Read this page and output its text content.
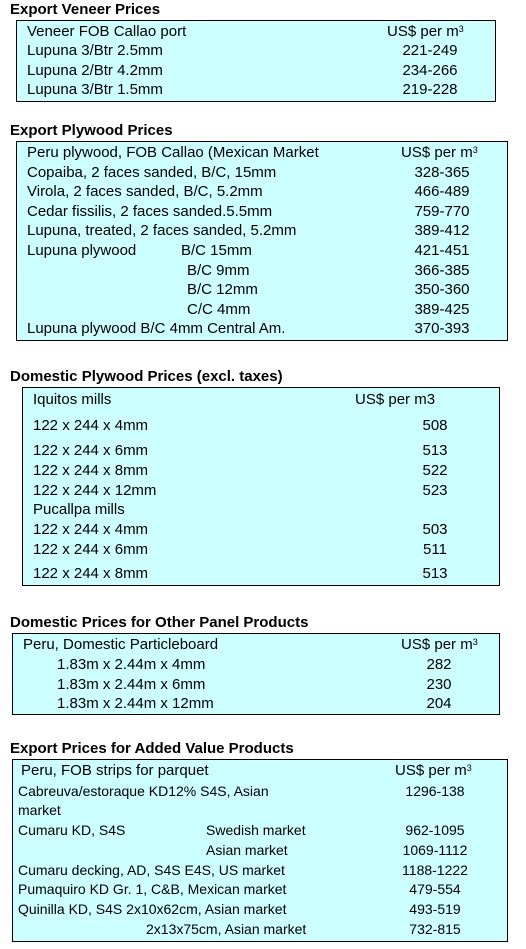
Export Veneer Prices
Veneer FOB Callao port	US$ per $m^3$
Lupuna 3/Btr 2.5mm	221-249
Lupuna 2/Btr 4.2mm	234-266
Lupuna 3/Btr 1.5mm	219-228
Export Plywood Prices
Peru plywood, FOB Callao (Mexican Market	US$ per $m^3$
Copaiba, 2 faces sanded, B/C, 15mm	328-365
Virola, 2 faces sanded, B/C, 5.2mm	466-489
Cedar fissilis, 2 faces sanded.5.5mm	759-770
Lupuna, treated, 2 faces sanded, 5.2mm	389-412
Lupuna plywood	B/C 15mm	421-451
B/C 9mm	366-385
B/C 12mm	350-360
C/C 4mm	389-425
Lupuna plywood B/C 4mm Central Am.	370-393
Domestic Plywood Prices (excl. taxes)
Iquitos mills	US$ per m3
122 x 244 x 4mm	508
122 x 244 x 6mm	513
122 x 244 x 8mm	522
122 x 244 x 12mm	523
Pucallpa mills
122 x 244 x 4mm	503
122 x 244 x 6mm	511
122 x 244 x 8mm	513
Domestic Prices for Other Panel Products
Peru, Domestic Particleboard	US$ per $m^3$
1.83m x 2.44m x 4mm	282
1.83m x 2.44m x 6mm	230
1.83m x 2.44m x 12mm	204
Export Prices for Added Value Products
Peru, FOB strips for parquet	US$ per $m^3$
Cabreuva/estoraque KD12% S4S, Asian	1296-138
market
Cumaru KD, S4S	Swedish market	962-1095
Asian market	1069-1112
Cumaru decking, AD, S4S E4S, US market	1188-1222
Pumaquiro KD Gr. 1, C&B, Mexican market	479-554
Quinilla KD, S4S 2x10x62cm, Asian market	493-519
2x13x75cm, Asian market	732-815
